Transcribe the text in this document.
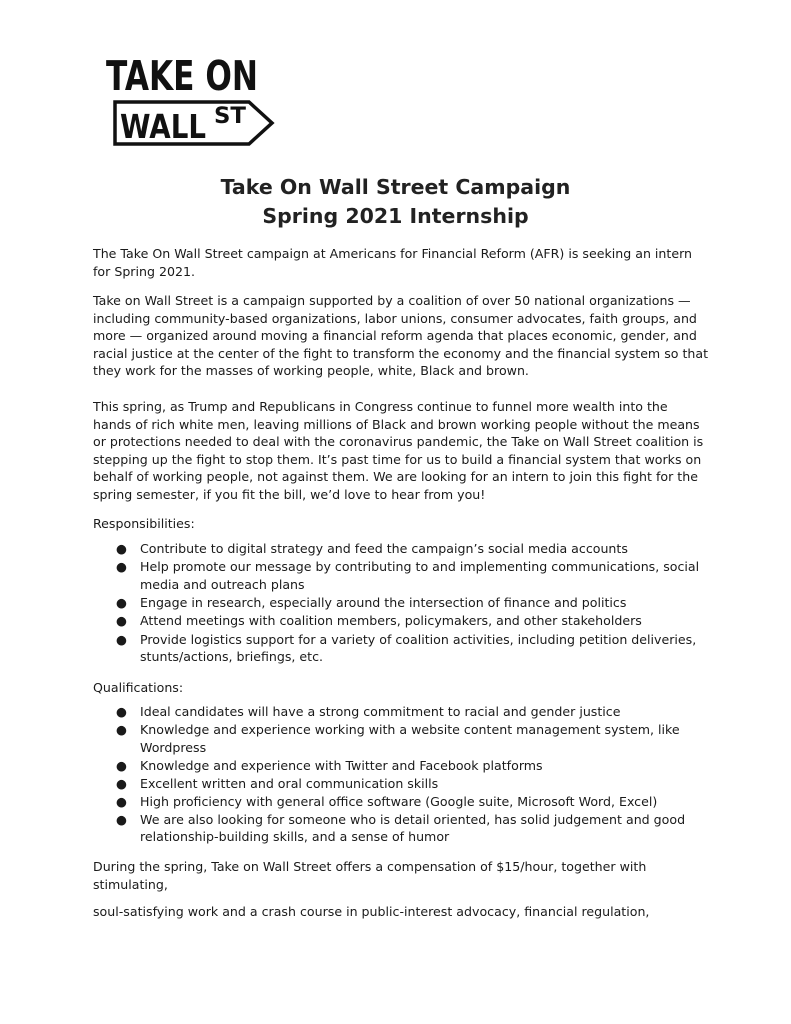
TAKE ON
WALL ST
Take On Wall Street Campaign
Spring 2021 Internship

The Take On Wall Street campaign at Americans for Financial Reform (AFR) is seeking an intern for Spring 2021.

Take on Wall Street is a campaign supported by a coalition of over 50 national organizations — including community-based organizations, labor unions, consumer advocates, faith groups, and more — organized around moving a financial reform agenda that places economic, gender, and racial justice at the center of the fight to transform the economy and the financial system so that they work for the masses of working people, white, Black and brown.

This spring, as Trump and Republicans in Congress continue to funnel more wealth into the hands of rich white men, leaving millions of Black and brown working people without the means or protections needed to deal with the coronavirus pandemic, the Take on Wall Street coalition is stepping up the fight to stop them. It’s past time for us to build a financial system that works on behalf of working people, not against them. We are looking for an intern to join this fight for the spring semester, if you fit the bill, we’d love to hear from you!

Responsibilities:

● Contribute to digital strategy and feed the campaign’s social media accounts
● Help promote our message by contributing to and implementing communications, social media and outreach plans
● Engage in research, especially around the intersection of finance and politics
● Attend meetings with coalition members, policymakers, and other stakeholders
● Provide logistics support for a variety of coalition activities, including petition deliveries, stunts/actions, briefings, etc.

Qualifications:

● Ideal candidates will have a strong commitment to racial and gender justice
● Knowledge and experience working with a website content management system, like Wordpress
● Knowledge and experience with Twitter and Facebook platforms
● Excellent written and oral communication skills
● High proficiency with general office software (Google suite, Microsoft Word, Excel)
● We are also looking for someone who is detail oriented, has solid judgement and good relationship-building skills, and a sense of humor

During the spring, Take on Wall Street offers a compensation of $15/hour, together with stimulating,

soul-satisfying work and a crash course in public-interest advocacy, financial regulation,
